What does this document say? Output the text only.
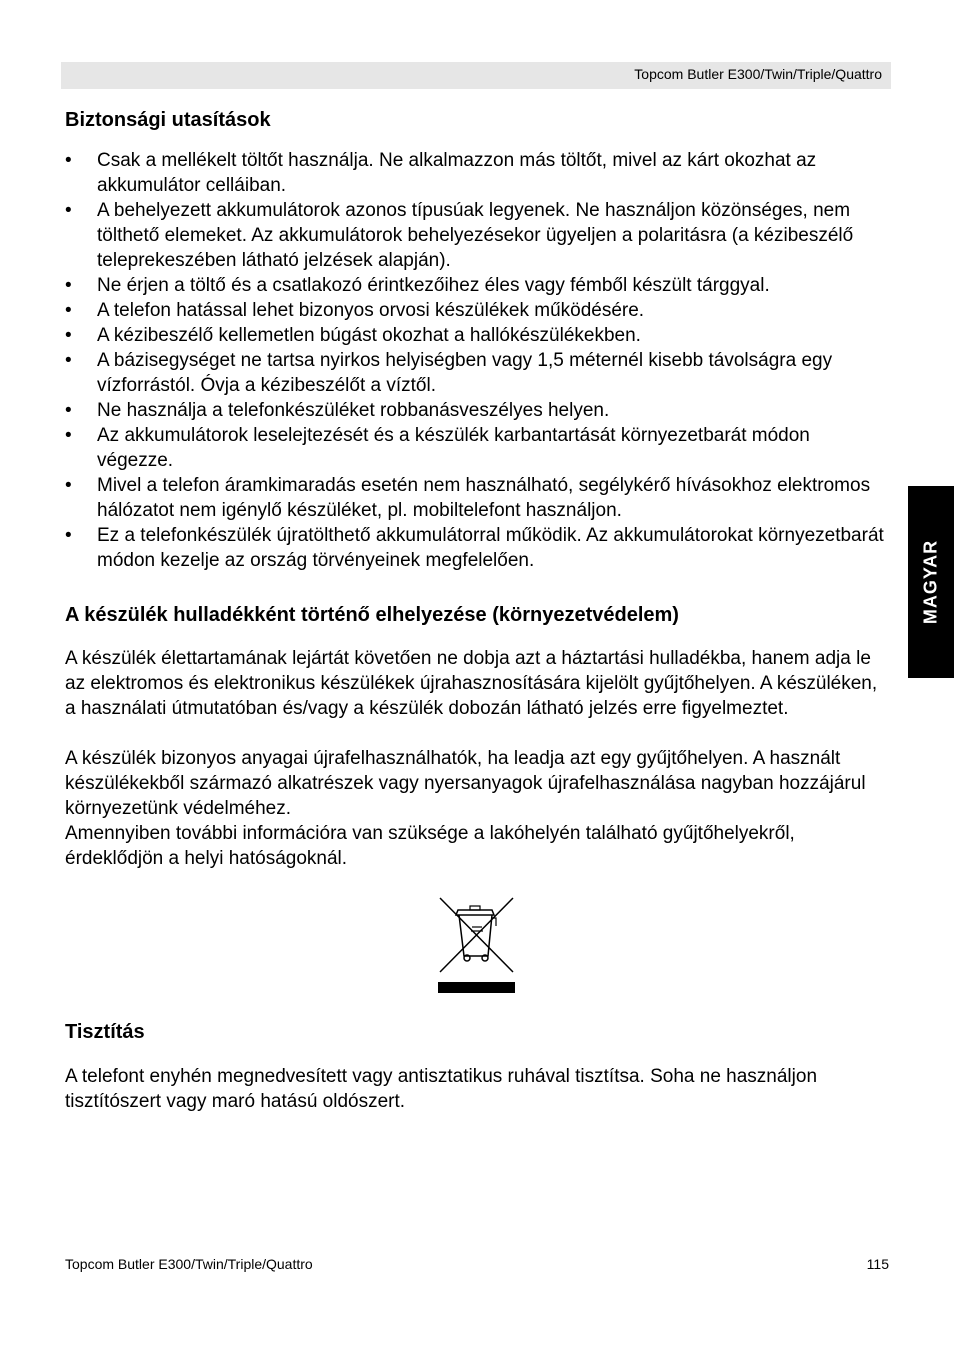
Topcom Butler E300/Twin/Triple/Quattro
MAGYAR
Biztonsági utasítások
• Csak a mellékelt töltőt használja. Ne alkalmazzon más töltőt, mivel az kárt okozhat az akkumulátor celláiban.
• A behelyezett akkumulátorok azonos típusúak legyenek. Ne használjon közönséges, nem tölthető elemeket. Az akkumulátorok behelyezésekor ügyeljen a polaritásra (a kézibeszélő teleprekeszében látható jelzések alapján).
• Ne érjen a töltő és a csatlakozó érintkezőihez éles vagy fémből készült tárggyal.
• A telefon hatással lehet bizonyos orvosi készülékek működésére.
• A kézibeszélő kellemetlen búgást okozhat a hallókészülékekben.
• A bázisegységet ne tartsa nyirkos helyiségben vagy 1,5 méternél kisebb távolságra egy vízforrástól. Óvja a kézibeszélőt a víztől.
• Ne használja a telefonkészüléket robbanásveszélyes helyen.
• Az akkumulátorok leselejtezését és a készülék karbantartását környezetbarát módon végezze.
• Mivel a telefon áramkimaradás esetén nem használható, segélykérő hívásokhoz elektromos hálózatot nem igénylő készüléket, pl. mobiltelefont használjon.
• Ez a telefonkészülék újratölthető akkumulátorral működik. Az akkumulátorokat környezetbarát módon kezelje az ország törvényeinek megfelelően.
A készülék hulladékként történő elhelyezése (környezetvédelem)

A készülék élettartamának lejártát követően ne dobja azt a háztartási hulladékba, hanem adja le az elektromos és elektronikus készülékek újrahasznosítására kijelölt gyűjtőhelyen. A készüléken, a használati útmutatóban és/vagy a készülék dobozán látható jelzés erre figyelmeztet.

A készülék bizonyos anyagai újrafelhasználhatók, ha leadja azt egy gyűjtőhelyen. A használt készülékekből származó alkatrészek vagy nyersanyagok újrafelhasználása nagyban hozzájárul környezetünk védelméhez.

Amennyiben további információra van szüksége a lakóhelyén található gyűjtőhelyekről, érdeklődjön a helyi hatóságoknál.

Tisztítás

A telefont enyhén megnedvesített vagy antisztatikus ruhával tisztítsa. Soha ne használjon tisztítószert vagy maró hatású oldószert.

Topcom Butler E300/Twin/Triple/Quattro	115
